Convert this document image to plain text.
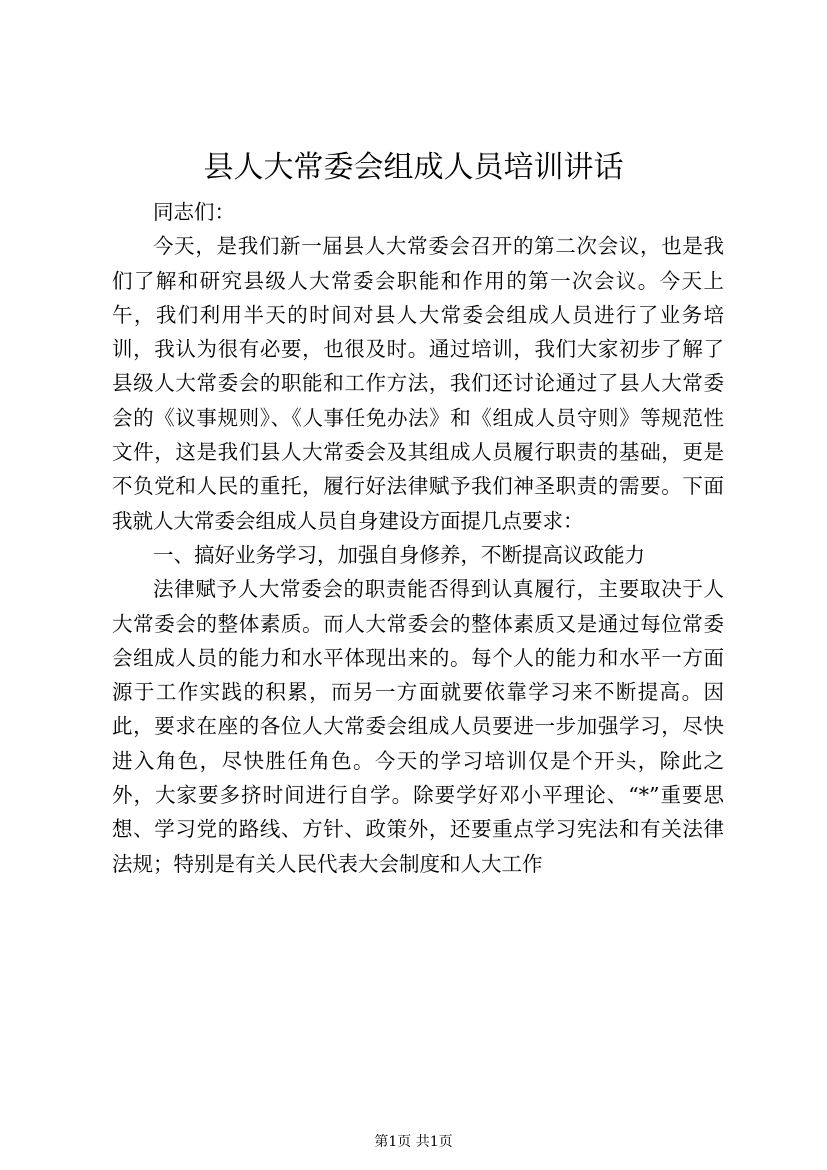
县人大常委会组成人员培训讲话

同志们：

今天，是我们新一届县人大常委会召开的第二次会议，也是我们了解和研究县级人大常委会职能和作用的第一次会议。今天上午，我们利用半天的时间对县人大常委会组成人员进行了业务培训，我认为很有必要，也很及时。通过培训，我们大家初步了解了县级人大常委会的职能和工作方法，我们还讨论通过了县人大常委会的《议事规则》、《人事任免办法》和《组成人员守则》等规范性文件，这是我们县人大常委会及其组成人员履行职责的基础，更是不负党和人民的重托，履行好法律赋予我们神圣职责的需要。下面我就人大常委会组成人员自身建设方面提几点要求：

一、搞好业务学习，加强自身修养，不断提高议政能力

法律赋予人大常委会的职责能否得到认真履行，主要取决于人大常委会的整体素质。而人大常委会的整体素质又是通过每位常委会组成人员的能力和水平体现出来的。每个人的能力和水平一方面源于工作实践的积累，而另一方面就要依靠学习来不断提高。因此，要求在座的各位人大常委会组成人员要进一步加强学习，尽快进入角色，尽快胜任角色。今天的学习培训仅是个开头，除此之外，大家要多挤时间进行自学。除要学好邓小平理论、“*”重要思想、学习党的路线、方针、政策外，还要重点学习宪法和有关法律法规；特别是有关人民代表大会制度和人大工作

第1页 共1页
